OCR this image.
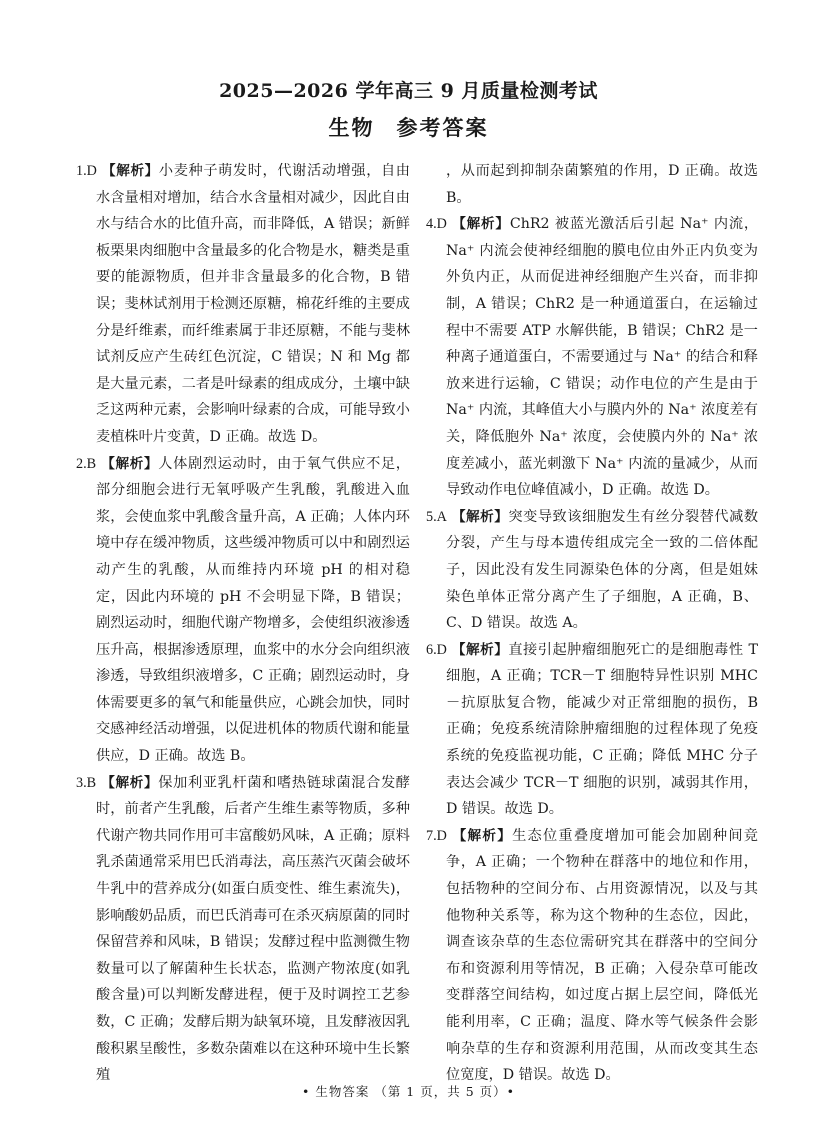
2025—2026 学年高三 9 月质量检测考试
生物 参考答案

1.D 【解析】小麦种子萌发时，代谢活动增强，自由水含量相对增加，结合水含量相对减少，因此自由水与结合水的比值升高，而非降低，A 错误；新鲜板栗果肉细胞中含量最多的化合物是水，糖类是重要的能源物质，但并非含量最多的化合物，B 错误；斐林试剂用于检测还原糖，棉花纤维的主要成分是纤维素，而纤维素属于非还原糖，不能与斐林试剂反应产生砖红色沉淀，C 错误；N 和 Mg 都是大量元素，二者是叶绿素的组成成分，土壤中缺乏这两种元素，会影响叶绿素的合成，可能导致小麦植株叶片变黄，D 正确。故选 D。

2.B 【解析】人体剧烈运动时，由于氧气供应不足，部分细胞会进行无氧呼吸产生乳酸，乳酸进入血浆，会使血浆中乳酸含量升高，A 正确；人体内环境中存在缓冲物质，这些缓冲物质可以中和剧烈运动产生的乳酸，从而维持内环境 pH 的相对稳定，因此内环境的 pH 不会明显下降，B 错误；剧烈运动时，细胞代谢产物增多，会使组织液渗透压升高，根据渗透原理，血浆中的水分会向组织液渗透，导致组织液增多，C 正确；剧烈运动时，身体需要更多的氧气和能量供应，心跳会加快，同时交感神经活动增强，以促进机体的物质代谢和能量供应，D 正确。故选 B。

3.B 【解析】保加利亚乳杆菌和嗜热链球菌混合发酵时，前者产生乳酸，后者产生维生素等物质，多种代谢产物共同作用可丰富酸奶风味，A 正确；原料乳杀菌通常采用巴氏消毒法，高压蒸汽灭菌会破坏牛乳中的营养成分(如蛋白质变性、维生素流失)，影响酸奶品质，而巴氏消毒可在杀灭病原菌的同时保留营养和风味，B 错误；发酵过程中监测微生物数量可以了解菌种生长状态，监测产物浓度(如乳酸含量)可以判断发酵进程，便于及时调控工艺参数，C 正确；发酵后期为缺氧环境，且发酵液因乳酸积累呈酸性，多数杂菌难以在这种环境中生长繁殖

，从而起到抑制杂菌繁殖的作用，D 正确。故选 B。

4.D 【解析】ChR2 被蓝光激活后引起 Na⁺ 内流，Na⁺ 内流会使神经细胞的膜电位由外正内负变为外负内正，从而促进神经细胞产生兴奋，而非抑制，A 错误；ChR2 是一种通道蛋白，在运输过程中不需要 ATP 水解供能，B 错误；ChR2 是一种离子通道蛋白，不需要通过与 Na⁺ 的结合和释放来进行运输，C 错误；动作电位的产生是由于 Na⁺ 内流，其峰值大小与膜内外的 Na⁺ 浓度差有关，降低胞外 Na⁺ 浓度，会使膜内外的 Na⁺ 浓度差减小，蓝光刺激下 Na⁺ 内流的量减少，从而导致动作电位峰值减小，D 正确。故选 D。

5.A 【解析】突变导致该细胞发生有丝分裂替代减数分裂，产生与母本遗传组成完全一致的二倍体配子，因此没有发生同源染色体的分离，但是姐妹染色单体正常分离产生了子细胞，A 正确，B、C、D 错误。故选 A。

6.D 【解析】直接引起肿瘤细胞死亡的是细胞毒性 T 细胞，A 正确；TCR－T 细胞特异性识别 MHC－抗原肽复合物，能减少对正常细胞的损伤，B 正确；免疫系统清除肿瘤细胞的过程体现了免疫系统的免疫监视功能，C 正确；降低 MHC 分子表达会减少 TCR－T 细胞的识别，减弱其作用，D 错误。故选 D。

7.D 【解析】生态位重叠度增加可能会加剧种间竞争，A 正确；一个物种在群落中的地位和作用，包括物种的空间分布、占用资源情况，以及与其他物种关系等，称为这个物种的生态位，因此，调查该杂草的生态位需研究其在群落中的空间分布和资源利用等情况，B 正确；入侵杂草可能改变群落空间结构，如过度占据上层空间，降低光能利用率，C 正确；温度、降水等气候条件会影响杂草的生存和资源利用范围，从而改变其生态位宽度，D 错误。故选 D。

• 生物答案 （第 1 页，共 5 页）•
